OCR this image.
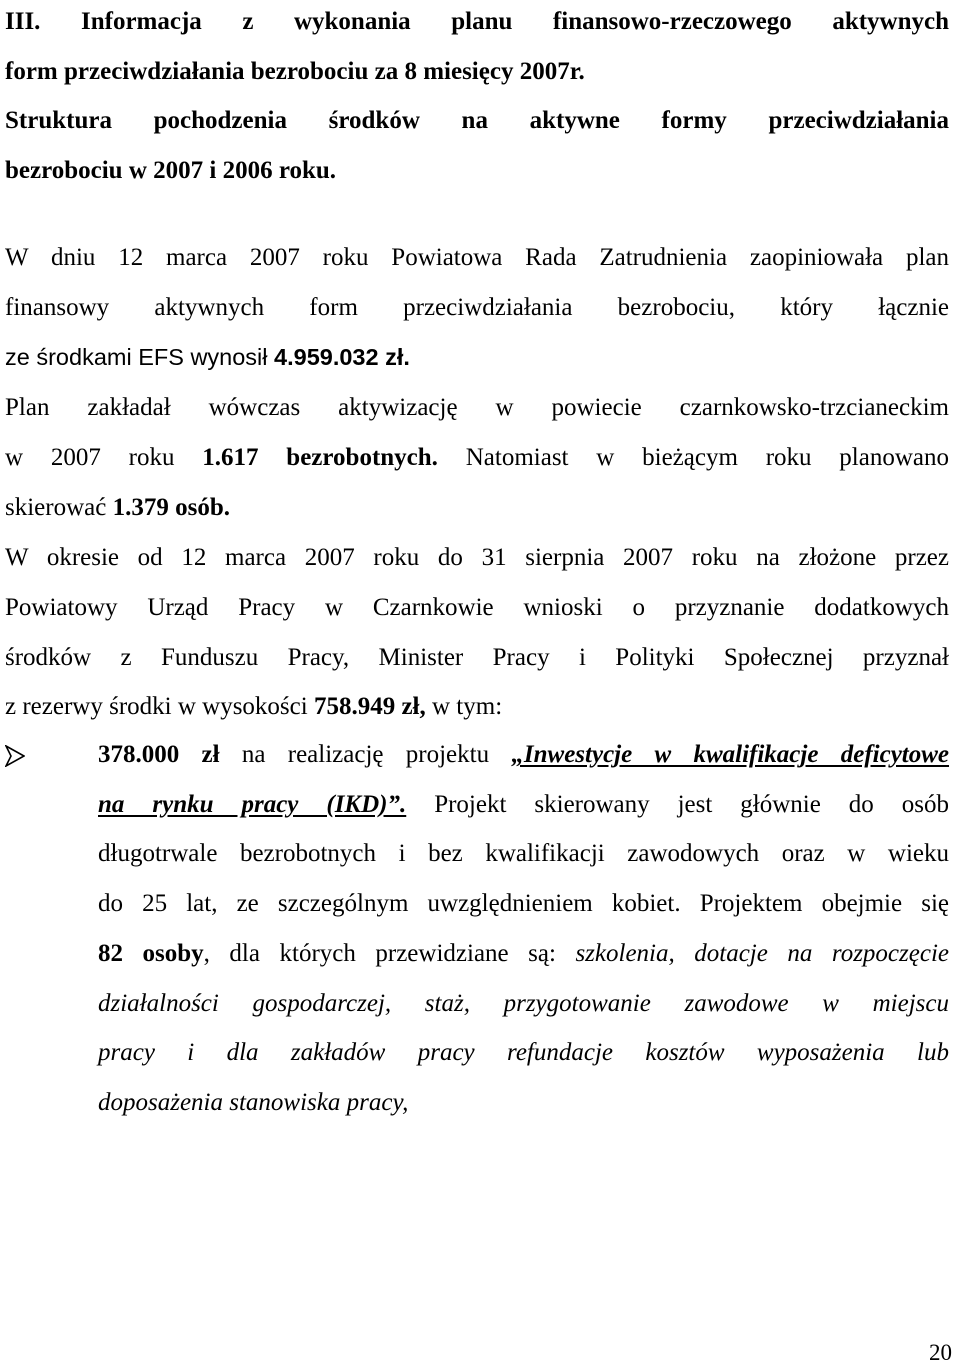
III. Informacja z wykonania planu finansowo-rzeczowego aktywnych
form przeciwdziałania bezrobociu za 8 miesięcy 2007r.
Struktura pochodzenia środków na aktywne formy przeciwdziałania
bezrobociu w 2007 i 2006 roku.
W dniu 12 marca 2007 roku Powiatowa Rada Zatrudnienia zaopiniowała plan
finansowy aktywnych form przeciwdziałania bezrobociu, który łącznie
ze środkami EFS wynosił 4.959.032 zł.
Plan zakładał wówczas aktywizację w powiecie czarnkowsko-trzcianeckim
w 2007 roku 1.617 bezrobotnych. Natomiast w bieżącym roku planowano
skierować 1.379 osób.
W okresie od 12 marca 2007 roku do 31 sierpnia 2007 roku na złożone przez
Powiatowy Urząd Pracy w Czarnkowie wnioski o przyznanie dodatkowych
środków z Funduszu Pracy, Minister Pracy i Polityki Społecznej przyznał
z rezerwy środki w wysokości 758.949 zł, w tym:
378.000 zł na realizację projektu „Inwestycje w kwalifikacje deficytowe
na rynku pracy (IKD)”. Projekt skierowany jest głównie do osób
długotrwale bezrobotnych i bez kwalifikacji zawodowych oraz w wieku
do 25 lat, ze szczególnym uwzględnieniem kobiet. Projektem obejmie się
82 osoby, dla których przewidziane są: szkolenia, dotacje na rozpoczęcie
działalności gospodarczej, staż, przygotowanie zawodowe w miejscu
pracy i dla zakładów pracy refundacje kosztów wyposażenia lub
doposażenia stanowiska pracy,

20
